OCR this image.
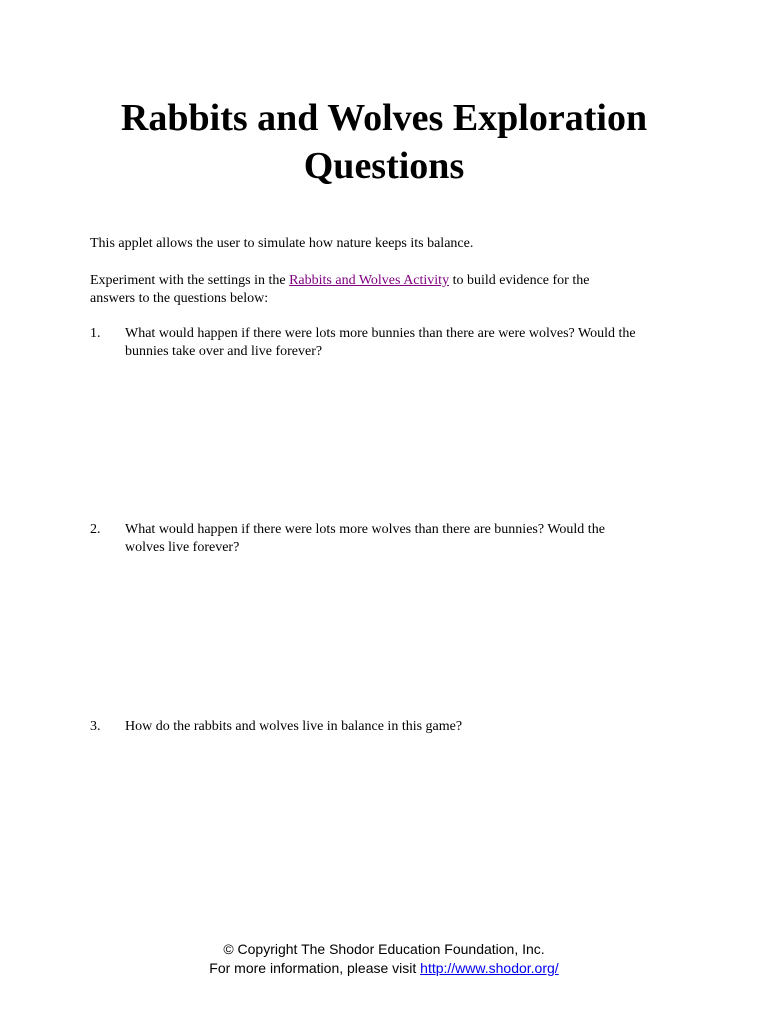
Rabbits and Wolves Exploration
Questions

This applet allows the user to simulate how nature keeps its balance.

Experiment with the settings in the Rabbits and Wolves Activity to build evidence for the
answers to the questions below:

1.	What would happen if there were lots more bunnies than there are were wolves? Would the
bunnies take over and live forever?
2.	What would happen if there were lots more wolves than there are bunnies? Would the
wolves live forever?
3.	How do the rabbits and wolves live in balance in this game?
© Copyright The Shodor Education Foundation, Inc.
For more information, please visit http://www.shodor.org/
